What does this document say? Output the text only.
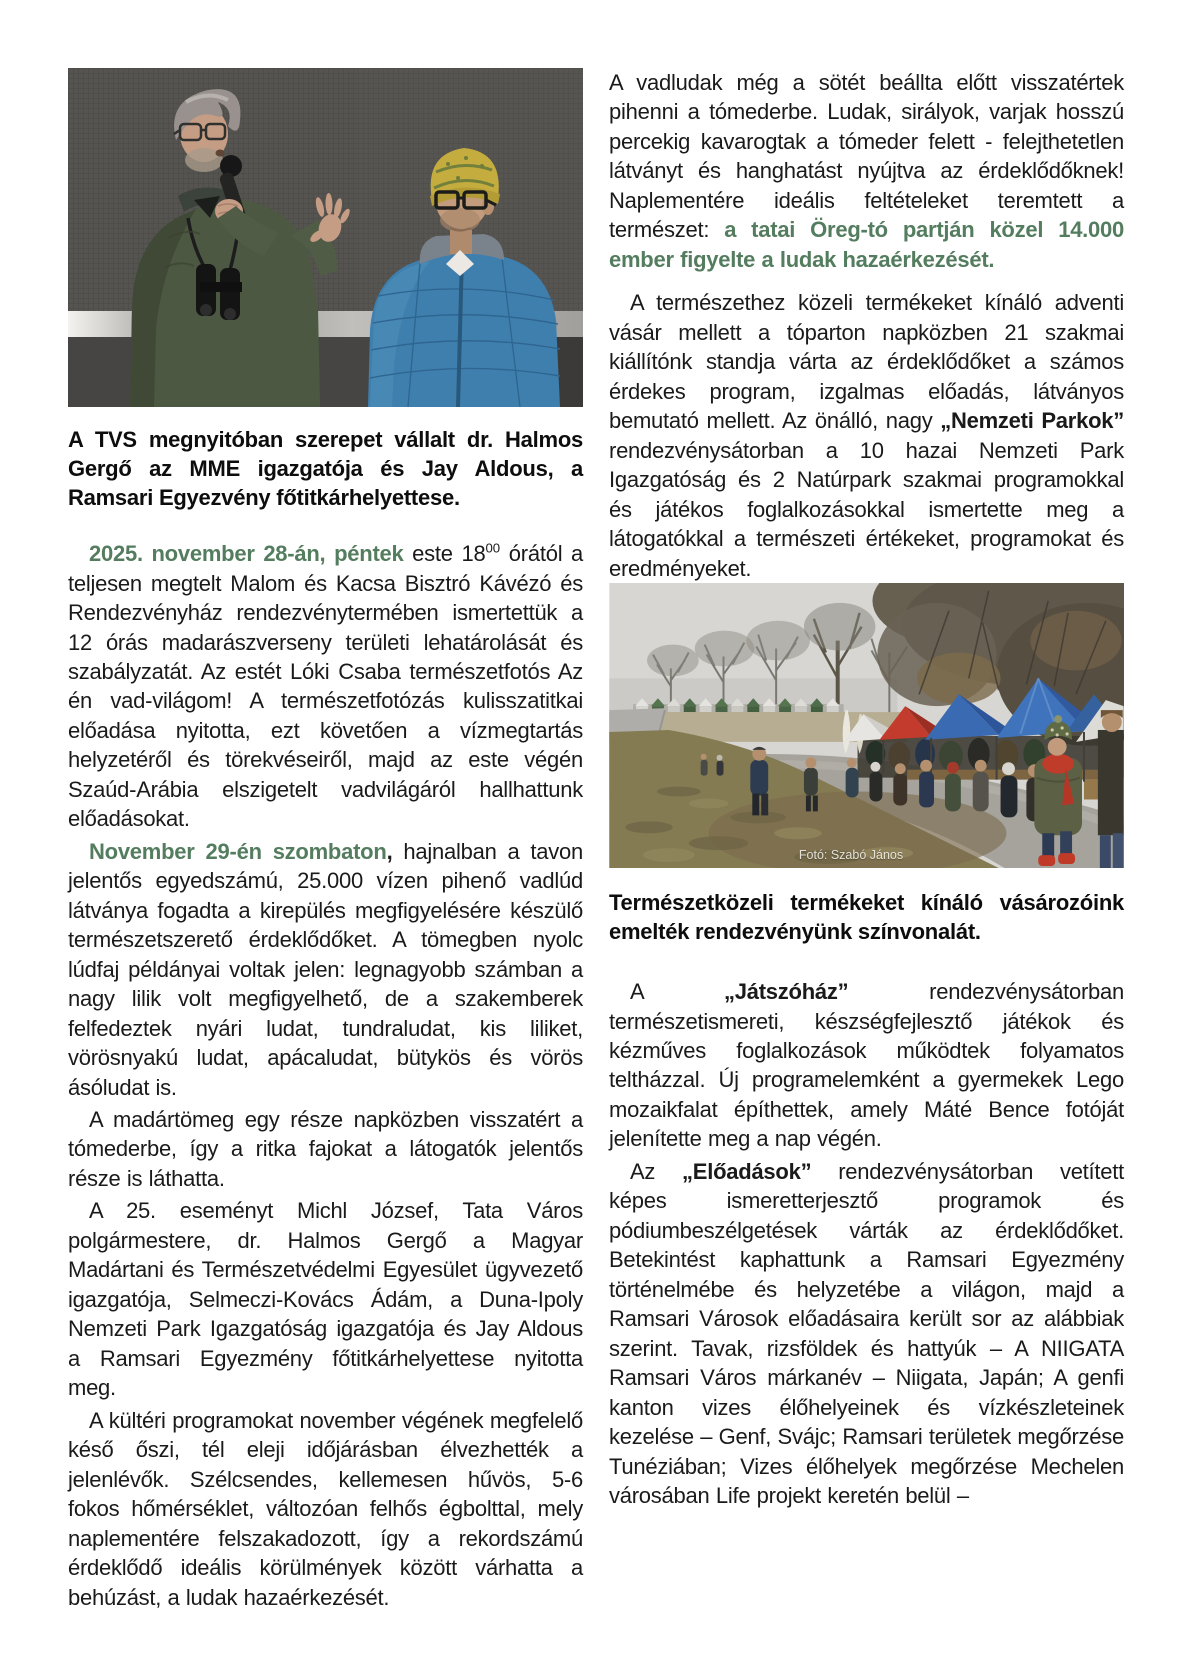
A TVS megnyitóban szerepet vállalt dr. Halmos Gergő az MME igazgatója és Jay Aldous, a Ramsari Egyezvény főtitkárhelyettese.

2025. november 28-án, péntek este $18^{00}$ órától a teljesen megtelt Malom és Kacsa Bisztró Kávézó és Rendezvényház rendezvénytermében ismertettük a 12 órás madarászverseny területi lehatárolását és szabályzatát. Az estét Lóki Csaba természetfotós Az én vad-világom! A természetfotózás kulisszatitkai előadása nyitotta, ezt követően a vízmegtartás helyzetéről és törekvéseiről, majd az este végén Szaúd-Arábia elszigetelt vadvilágáról hallhattunk előadásokat.

November 29-én szombaton, hajnalban a tavon jelentős egyedszámú, 25.000 vízen pihenő vadlúd látványa fogadta a kirepülés megfigyelésére készülő természetszerető érdeklődőket. A tömegben nyolc lúdfaj példányai voltak jelen: legnagyobb számban a nagy lilik volt megfigyelhető, de a szakemberek felfedeztek nyári ludat, tundraludat, kis liliket, vörösnyakú ludat, apácaludat, bütykös és vörös ásóludat is.

A madártömeg egy része napközben visszatért a tómederbe, így a ritka fajokat a látogatók jelentős része is láthatta.

A 25. eseményt Michl József, Tata Város polgármestere, dr. Halmos Gergő a Magyar Madártani és Természetvédelmi Egyesület ügyvezető igazgatója, Selmeczi-Kovács Ádám, a Duna-Ipoly Nemzeti Park Igazgatóság igazgatója és Jay Aldous a Ramsari Egyezmény főtitkárhelyettese nyitotta meg.

A kültéri programokat november végének megfelelő késő őszi, tél eleji időjárásban élvezhették a jelenlévők. Szélcsendes, kellemesen hűvös, 5-6 fokos hőmérséklet, változóan felhős égbolttal, mely naplementére felszakadozott, így a rekordszámú érdeklődő ideális körülmények között várhatta a behúzást, a ludak hazaérkezését.

A vadludak még a sötét beállta előtt visszatértek pihenni a tómederbe. Ludak, sirályok, varjak hosszú percekig kavarogtak a tómeder felett - felejthetetlen látványt és hanghatást nyújtva az érdeklődőknek! Naplementére ideális feltételeket teremtett a természet: a tatai Öreg-tó partján közel 14.000 ember figyelte a ludak hazaérkezését.

A természethez közeli termékeket kínáló adventi vásár mellett a tóparton napközben 21 szakmai kiállítónk standja várta az érdeklődőket a számos érdekes program, izgalmas előadás, látványos bemutató mellett. Az önálló, nagy „Nemzeti Parkok” rendezvénysátorban a 10 hazai Nemzeti Park Igazgatóság és 2 Natúrpark szakmai programokkal és játékos foglalkozásokkal ismertette meg a látogatókkal a természeti értékeket, programokat és eredményeket.

Fotó: Szabó János
Természetközeli termékeket kínáló vásározóink emelték rendezvényünk színvonalát.

A „Játszóház” rendezvénysátorban természetismereti, készségfejlesztő játékok és kézműves foglalkozások működtek folyamatos teltházzal. Új programelemként a gyermekek Lego mozaikfalat építhettek, amely Máté Bence fotóját jelenítette meg a nap végén.

Az „Előadások” rendezvénysátorban vetített képes ismeretterjesztő programok és pódiumbeszélgetések várták az érdeklődőket. Betekintést kaphattunk a Ramsari Egyezmény történelmébe és helyzetébe a világon, majd a Ramsari Városok előadásaira került sor az alábbiak szerint. Tavak, rizsföldek és hattyúk – A NIIGATA Ramsari Város márkanév – Niigata, Japán; A genfi kanton vizes élőhelyeinek és vízkészleteinek kezelése – Genf, Svájc; Ramsari területek megőrzése Tunéziában; Vizes élőhelyek megőrzése Mechelen városában Life projekt keretén belül –
